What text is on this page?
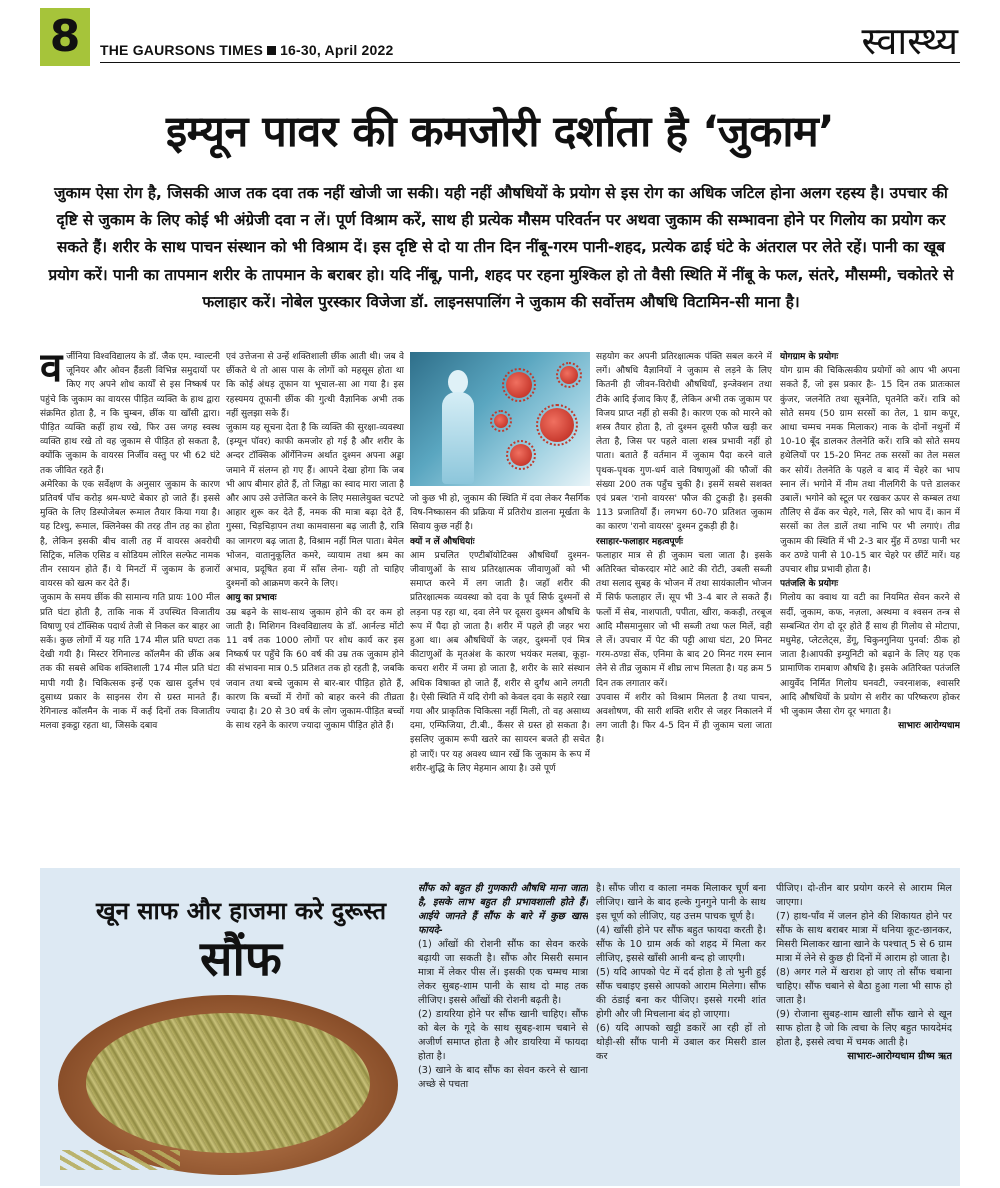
8	THE GAURSONS TIMES 16-30, April 2022	स्वास्थ्य
इम्यून पावर की कमजोरी दर्शाता है ‘जुकाम’
जुकाम ऐसा रोग है, जिसकी आज तक दवा तक नहीं खोजी जा सकी। यही नहीं औषधियों के प्रयोग से इस रोग का अधिक जटिल होना अलग रहस्य है। उपचार की दृष्टि से जुकाम के लिए कोई भी अंग्रेजी दवा न लें। पूर्ण विश्राम करें, साथ ही प्रत्येक मौसम परिवर्तन पर अथवा जुकाम की सम्भावना होने पर गिलोय का प्रयोग कर सकते हैं। शरीर के साथ पाचन संस्थान को भी विश्राम दें। इस दृष्टि से दो या तीन दिन नींबू-गरम पानी-शहद, प्रत्येक ढाई घंटे के अंतराल पर लेते रहें। पानी का खूब प्रयोग करें। पानी का तापमान शरीर के तापमान के बराबर हो। यदि नींबू, पानी, शहद पर रहना मुश्किल हो तो वैसी स्थिति में नींबू के फल, संतरे, मौसम्मी, चकोतरे से फलाहार करें। नोबेल पुरस्कार विजेजा डॉ. लाइनसपालिंग ने जुकाम की सर्वोत्तम औषधि विटामिन-सी माना है।
व र्जीनिया विश्वविद्यालय के डॉ. जैक एम. ग्वाल्टनी जूनियर और ओवन हैंडली विभिन्न समुदायों पर किए गए अपने शोध कार्यों से इस निष्कर्ष पर पहुंचे कि जुकाम का वायरस पीड़ित व्यक्ति के हाथ द्वारा संक्रमित होता है, न कि चुम्बन, छींक या खाँसी द्वारा। पीड़ित व्यक्ति कहीं हाथ रखे, फिर उस जगह स्वस्थ व्यक्ति हाथ रखे तो वह जुकाम से पीड़ित हो सकता है, क्योंकि जुकाम के वायरस निर्जीव वस्तु पर भी 62 घंटे तक जीवित रहते हैं।

अमेरिका के एक सर्वेक्षण के अनुसार जुकाम के कारण प्रतिवर्ष पाँच करोड़ श्रम-घण्टे बेकार हो जाते हैं। इससे मुक्ति के लिए डिस्पोजेबल रूमाल तैयार किया गया है। यह टिश्यु, रूमाल, क्लिनेक्स की तरह तीन तह का होता है, लेकिन इसकी बीच वाली तह में वायरस अवरोधी सिट्रिक, मलिक एसिड व सोडियम लोरिल सल्फेट नामक तीन रसायन होते हैं। ये मिनटों में जुकाम के हजारों वायरस को खत्म कर देते हैं।

जुकाम के समय छींक की सामान्य गति प्रायः 100 मील प्रति घंटा होती है, ताकि नाक में उपस्थित विजातीय विषाणु एवं टॉक्सिक पदार्थ तेजी से निकल कर बाहर आ सकें। कुछ लोगों में यह गति 174 मील प्रति घण्टा तक देखी गयी है। मिस्टर रेगिनाल्ड कॉलमैन की छींक अब तक की सबसे अधिक शक्तिशाली 174 मील प्रति घंटा मापी गयी है। चिकित्सक इन्हें एक खास दुर्लभ एवं दुसाध्य प्रकार के साइनस रोग से ग्रस्त मानते हैं। रेगिनाल्ड कॉलमैन के नाक में कई दिनों तक विजातीय मलवा इकट्ठा रहता था, जिसके दबाव

एवं उत्तेजना से उन्हें शक्तिशाली छींक आती थी। जब वे छींकते थे तो आस पास के लोगों को महसूस होता था कि कोई अंधड़ तूफान या भूचाल-सा आ गया है। इस रहस्यमय तूफानी छींक की गुत्थी वैज्ञानिक अभी तक नहीं सुलझा सके हैं।

जुकाम यह सूचना देता है कि व्यक्ति की सुरक्षा-व्यवस्था (इम्यून पॉवर) काफी कमजोर हो गई है और शरीर के अन्दर टॉक्सिक ऑर्गेनिज्म अर्थात दुश्मन अपना अड्डा जमाने में संलग्न हो गए हैं। आपने देखा होगा कि जब भी आप बीमार होते हैं, तो जिह्वा का स्वाद मारा जाता है और आप उसे उत्तेजित करने के लिए मसालेयुक्त चटपटे आहार शुरू कर देते हैं, नमक की मात्रा बढ़ा देते हैं, गुस्सा, चिड़चिड़ापन तथा कामवासना बढ़ जाती है, रात्रि का जागरण बढ़ जाता है, विश्राम नहीं मिल पाता। बेमेल भोजन, वातानुकूलित कमरे, व्यायाम तथा श्रम का अभाव, प्रदूषित हवा में साँस लेना- यही तो चाहिए दुश्मनों को आक्रमण करने के लिए।

आयु का प्रभावः

उम्र बढ़ने के साथ-साथ जुकाम होने की दर कम हो जाती है। मिशिगन विश्वविद्यालय के डॉ. आर्नल्ड मोंटो 11 वर्ष तक 1000 लोगों पर शोध कार्य कर इस निष्कर्ष पर पहुँचे कि 60 वर्ष की उम्र तक जुकाम होने की संभावना मात्र 0.5 प्रतिशत तक हो रहती है, जबकि जवान तथा बच्चे जुकाम से बार-बार पीड़ित होते हैं, कारण कि बच्चों में रोगों को बाहर करने की तीव्रता ज्यादा है। 20 से 30 वर्ष के लोग जुकाम-पीड़ित बच्चों के साथ रहने के कारण ज्यादा जुकाम पीड़ित होते हैं।

जो कुछ भी हो, जुकाम की स्थिति में दवा लेकर नैसर्गिक विष-निष्कासन की प्रक्रिया में प्रतिरोध डालना मूर्खता के सिवाय कुछ नहीं है।

क्यों न लें औषधियांः

आम प्रचलित एण्टीबॉयोटिक्स औषधियाँ दुश्मन-जीवाणुओं के साथ प्रतिरक्षात्मक जीवाणुओं को भी समाप्त करने में लग जाती है। जहाँ शरीर की प्रतिरक्षात्मक व्यवस्था को दवा के पूर्व सिर्फ दुश्मनों से लड़ना पड़ रहा था, दवा लेने पर दूसरा दुश्मन औषधि के रूप में पैदा हो जाता है। शरीर में पहले ही जहर भरा हुआ था। अब औषधियों के जहर, दुश्मनों एवं मित्र कीटाणुओं के मृतअंश के कारण भयंकर मलबा, कूड़ा-कचरा शरीर में जमा हो जाता है, शरीर के सारे संस्थान अधिक विषाक्त हो जाते हैं, शरीर से दुर्गंध आने लगती है। ऐसी स्थिति में यदि रोगी को केवल दवा के सहारे रखा गया और प्राकृतिक चिकित्सा नहीं मिली, तो वह असाध्य दमा, एम्फिजिया, टी.बी., कैंसर से ग्रस्त हो सकता है। इसलिए जुकाम रूपी खतरे का सायरन बजते ही सचेत हो जाएँ। पर यह अवश्य ध्यान रखें कि जुकाम के रूप में शरीर-शुद्धि के लिए मेहमान आया है। उसे पूर्ण

सहयोग कर अपनी प्रतिरक्षात्मक पंक्ति सबल करने में लगें। औषधि वैज्ञानियों ने जुकाम से लड़ने के लिए कितनी ही जीवन-विरोधी औषधियाँ, इन्जेक्शन तथा टीके आदि ईजाद किए हैं, लेकिन अभी तक जुकाम पर विजय प्राप्त नहीं हो सकी है। कारण एक को मारने को शस्त्र तैयार होता है, तो दुश्मन दूसरी फौज खड़ी कर लेता है, जिस पर पहले वाला शस्त्र प्रभावी नहीं हो पाता। बताते हैं वर्तमान में जुकाम पैदा करने वाले पृथक-पृथक गुण-धर्म वाले विषाणुओं की फौजों की संख्या 200 तक पहुँच चुकी है। इसमें सबसे सशक्त एवं प्रबल 'रानो वायरस' फौज की टुकड़ी है। इसकी 113 प्रजातियाँ हैं। लगभग 60-70 प्रतिशत जुकाम का कारण 'रानो वायरस' दुश्मन टुकड़ी ही है।

रसाहार-फलाहार महत्वपूर्णः

फलाहार मात्र से ही जुकाम चला जाता है। इसके अतिरिक्त चोकरदार मोटे आटे की रोटी, उबली सब्जी तथा सलाद सुबह के भोजन में तथा सायंकालीन भोजन में सिर्फ फलाहार लें। सूप भी 3-4 बार ले सकते हैं। फलों में सेब, नाशपाती, पपीता, खीरा, ककड़ी, तरबूज आदि मौसमानुसार जो भी सब्जी तथा फल मिलें, वही ले लें। उपचार में पेट की पट्टी आधा घंटा, 20 मिनट गरम-ठण्डा सेंक, एनिमा के बाद 20 मिनट गरम स्नान लेने से तीव्र जुकाम में शीघ्र लाभ मिलता है। यह क्रम 5 दिन तक लगातार करें।

उपवास में शरीर को विश्राम मिलता है तथा पाचन, अवशोषण, की सारी शक्ति शरीर से जहर निकालने में लग जाती है। फिर 4-5 दिन में ही जुकाम चला जाता है।

योगग्राम के प्रयोगः

योग ग्राम की चिकित्सकीय प्रयोगों को आप भी अपना सकते हैं, जो इस प्रकार हैः- 15 दिन तक प्रातःकाल कुंजर, जलनेति तथा सूत्रनेति, घृतनेति करें। रात्रि को सोते समय (50 ग्राम सरसों का तेल, 1 ग्राम कपूर, आधा चम्मच नमक मिलाकर) नाक के दोनों नथुनों में 10-10 बूँद डालकर तेलनेति करें। रात्रि को सोते समय हथेलियों पर 15-20 मिनट तक सरसों का तेल मसल कर सोयें। तेलनेति के पहले व बाद में चेहरे का भाप स्नान लें। भगोने में नीम तथा नीलगिरी के पत्ते डालकर उबालें। भगोने को स्टूल पर रखकर ऊपर से कम्बल तथा तौलिए से ढँक कर चेहरे, गले, सिर को भाप दें। कान में सरसों का तेल डालें तथा नाभि पर भी लगाएं। तीव्र जुकाम की स्थिति में भी 2-3 बार मुँह में ठण्डा पानी भर कर ठण्डे पानी से 10-15 बार चेहरे पर छींटें मारें। यह उपचार शीघ्र प्रभावी होता है।

पतंजलि के प्रयोगः

गिलोय का क्वाथ या वटी का नियमित सेवन करने से सर्दी, जुकाम, कफ, नज़ला, अस्थमा व श्वसन तन्त्र से सम्बन्धित रोग दो दूर होते हैं साथ ही गिलोय से मोटापा, मधुमेह, प्लेटलेट्स, डेंगू, चिकुनगुनिया पुनर्वा: ठीक हो जाता है।आपकी इम्युनिटी को बढ़ाने के लिए यह एक प्रामाणिक रामबाण औषधि है। इसके अतिरिक्त पतंजलि आयुर्वेद निर्मित गिलोय घनवटी, ज्वरनाशक, श्वासरि आदि औषधियों के प्रयोग से शरीर का परिष्करण होकर भी जुकाम जैसा रोग दूर भगाता है।

साभारः आरोग्यधाम

खून साफ और हाजमा करे दुरूस्त
सौंफ

सौंफ को बहुत ही गुणकारी औषधि माना जाता है, इसके लाभ बहुत ही प्रभावशाली होते हैं। आईये जानते हैं सौंफ के बारे में कुछ खास फायदे-

(1) आँखों की रोशनी सौंफ का सेवन करके बढ़ायी जा सकती है। सौंफ और मिसरी समान मात्रा में लेकर पीस लें। इसकी एक चम्मच मात्रा लेकर सुबह-शाम पानी के साथ दो माह तक लीजिए। इससे आँखों की रोशनी बढ़ती है।

(2) डायरिया होने पर सौंफ खानी चाहिए। सौंफ को बेल के गूदे के साथ सुबह-शाम चबाने से अजीर्ण समाप्त होता है और डायरिया में फायदा होता है।

(3) खाने के बाद सौंफ का सेवन करने से खाना अच्छे से पचता

है। सौंफ जीरा व काला नमक मिलाकर चूर्ण बना लीजिए। खाने के बाद हल्के गुनगुने पानी के साथ इस चूर्ण को लीजिए, यह उत्तम पाचक चूर्ण है।

(4) खाँसी होने पर सौंफ बहुत फायदा करती है। सौंफ के 10 ग्राम अर्क को शहद में मिला कर लीजिए, इससे खाँसी आनी बन्द हो जाएगी।

(5) यदि आपको पेट में दर्द होता है तो भुनी हुई सौंफ चबाइए इससे आपको आराम मिलेगा। सौंफ की ठंडाई बना कर पीजिए। इससे गरमी शांत होगी और जी मिचलाना बंद हो जाएगा।

(6) यदि आपको खट्टी डकारें आ रही हों तो थोड़ी-सी सौंफ पानी में उबाल कर मिसरी डाल कर

पीजिए। दो-तीन बार प्रयोग करने से आराम मिल जाएगा।

(7) हाथ-पाँव में जलन होने की शिकायत होने पर सौंफ के साथ बराबर मात्रा में धनिया कूट-छानकर, मिसरी मिलाकर खाना खाने के पश्चात् 5 से 6 ग्राम मात्रा में लेने से कुछ ही दिनों में आराम हो जाता है।

(8) अगर गले में खराश हो जाए तो सौंफ चबाना चाहिए। सौंफ चबाने से बैठा हुआ गला भी साफ हो जाता है।

(9) रोजाना सुबह-शाम खाली सौंफ खाने से खून साफ होता है जो कि त्वचा के लिए बहुत फायदेमंद होता है, इससे त्वचा में चमक आती है।

साभारः-आरोग्यधाम ग्रीष्म ऋत
